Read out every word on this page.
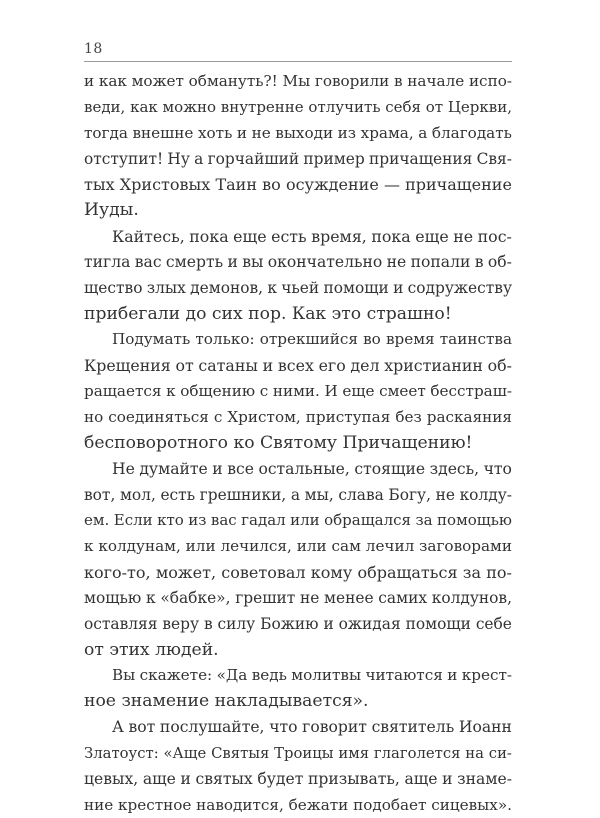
18
и как может обмануть?! Мы говорили в начале испо-
веди, как можно внутренне отлучить себя от Церкви,
тогда внешне хоть и не выходи из храма, а благодать
отступит! Ну а горчайший пример причащения Свя-
тых Христовых Таин во осуждение — причащение
Иуды.
Кайтесь, пока еще есть время, пока еще не пос-
тигла вас смерть и вы окончательно не попали в об-
щество злых демонов, к чьей помощи и содружеству
прибегали до сих пор. Как это страшно!
Подумать только: отрекшийся во время таинства
Крещения от сатаны и всех его дел христианин об-
ращается к общению с ними. И еще смеет бесстраш-
но соединяться с Христом, приступая без раскаяния
бесповоротного ко Святому Причащению!
Не думайте и все остальные, стоящие здесь, что
вот, мол, есть грешники, а мы, слава Богу, не колду-
ем. Если кто из вас гадал или обращался за помощью
к колдунам, или лечился, или сам лечил заговорами
кого-то, может, советовал кому обращаться за по-
мощью к «бабке», грешит не менее самих колдунов,
оставляя веру в силу Божию и ожидая помощи себе
от этих людей.
Вы скажете: «Да ведь молитвы читаются и крест-
ное знамение накладывается».
А вот послушайте, что говорит святитель Иоанн
Златоуст: «Аще Святыя Троицы имя глаголется на си-
цевых, аще и святых будет призывать, аще и знаме-
ние крестное наводится, бежати подобает сицевых».
